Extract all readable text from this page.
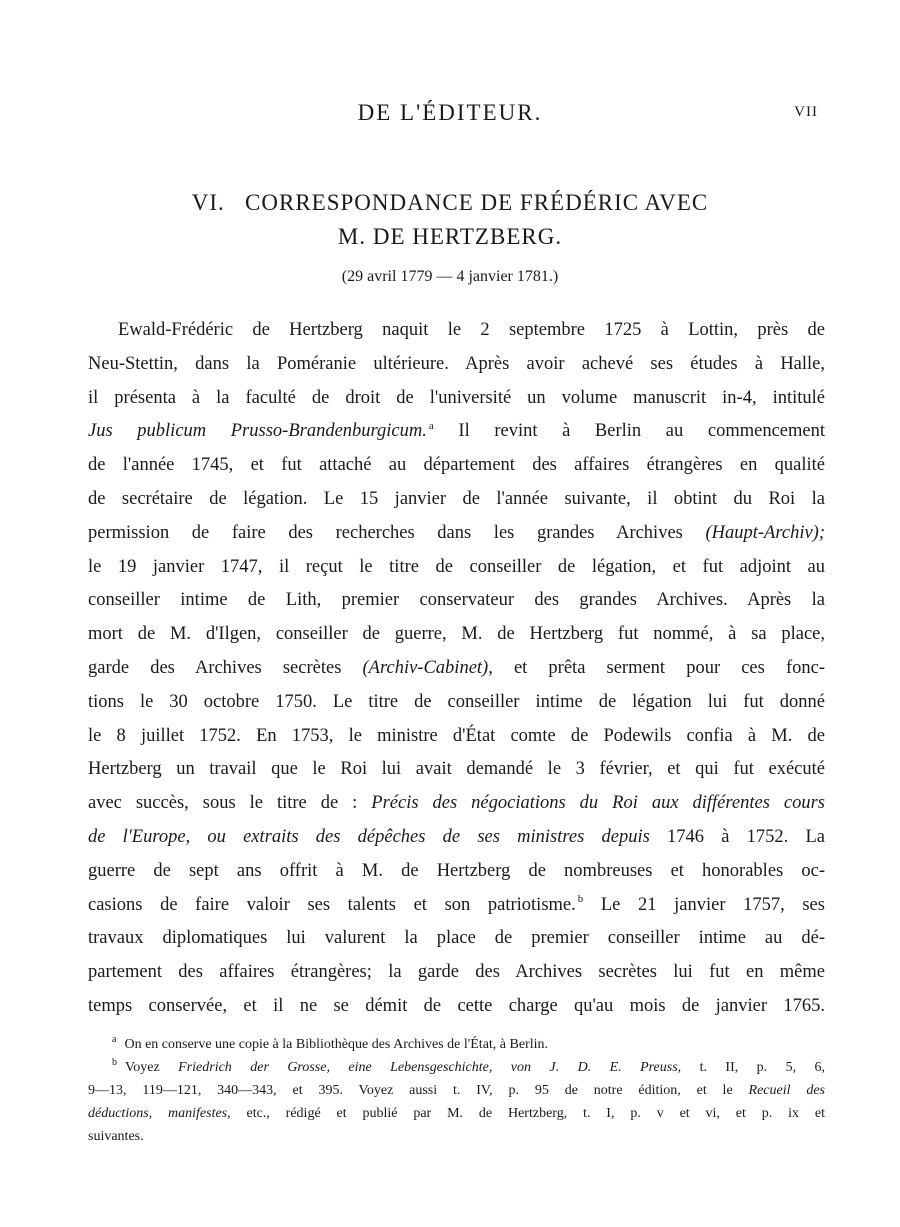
DE L'ÉDITEUR.	VII
VI.   CORRESPONDANCE DE FRÉDÉRIC AVEC
M. DE HERTZBERG.
(29 avril 1779 — 4 janvier 1781.)
Ewald-Frédéric de Hertzberg naquit le 2 septembre 1725 à Lottin, près de
Neu-Stettin, dans la Poméranie ultérieure. Après avoir achevé ses études à Halle,
il présenta à la faculté de droit de l'université un volume manuscrit in-4, intitulé
Jus publicum Prusso-Brandenburgicum. $^a$ Il revint à Berlin au commencement
de l'année 1745, et fut attaché au département des affaires étrangères en qualité
de secrétaire de légation. Le 15 janvier de l'année suivante, il obtint du Roi la
permission de faire des recherches dans les grandes Archives (Haupt-Archiv);
le 19 janvier 1747, il reçut le titre de conseiller de légation, et fut adjoint au
conseiller intime de Lith, premier conservateur des grandes Archives. Après la
mort de M. d'Ilgen, conseiller de guerre, M. de Hertzberg fut nommé, à sa place,
garde des Archives secrètes (Archiv-Cabinet), et prêta serment pour ces fonc-
tions le 30 octobre 1750. Le titre de conseiller intime de légation lui fut donné
le 8 juillet 1752. En 1753, le ministre d'État comte de Podewils confia à M. de
Hertzberg un travail que le Roi lui avait demandé le 3 février, et qui fut exécuté
avec succès, sous le titre de : Précis des négociations du Roi aux différentes cours
de l'Europe, ou extraits des dépêches de ses ministres depuis 1746 à 1752. La
guerre de sept ans offrit à M. de Hertzberg de nombreuses et honorables oc-
casions de faire valoir ses talents et son patriotisme. $^b$ Le 21 janvier 1757, ses
travaux diplomatiques lui valurent la place de premier conseiller intime au dé-
partement des affaires étrangères; la garde des Archives secrètes lui fut en même
temps conservée, et il ne se démit de cette charge qu'au mois de janvier 1765.
$^a$ On en conserve une copie à la Bibliothèque des Archives de l'État, à Berlin.
$^b$ Voyez Friedrich der Grosse, eine Lebensgeschichte, von J. D. E. Preuss, t. II, p. 5, 6,
9—13, 119—121, 340—343, et 395. Voyez aussi t. IV, p. 95 de notre édition, et le Recueil des
déductions, manifestes, etc., rédigé et publié par M. de Hertzberg, t. I, p. v et vi, et p. ix et
suivantes.
